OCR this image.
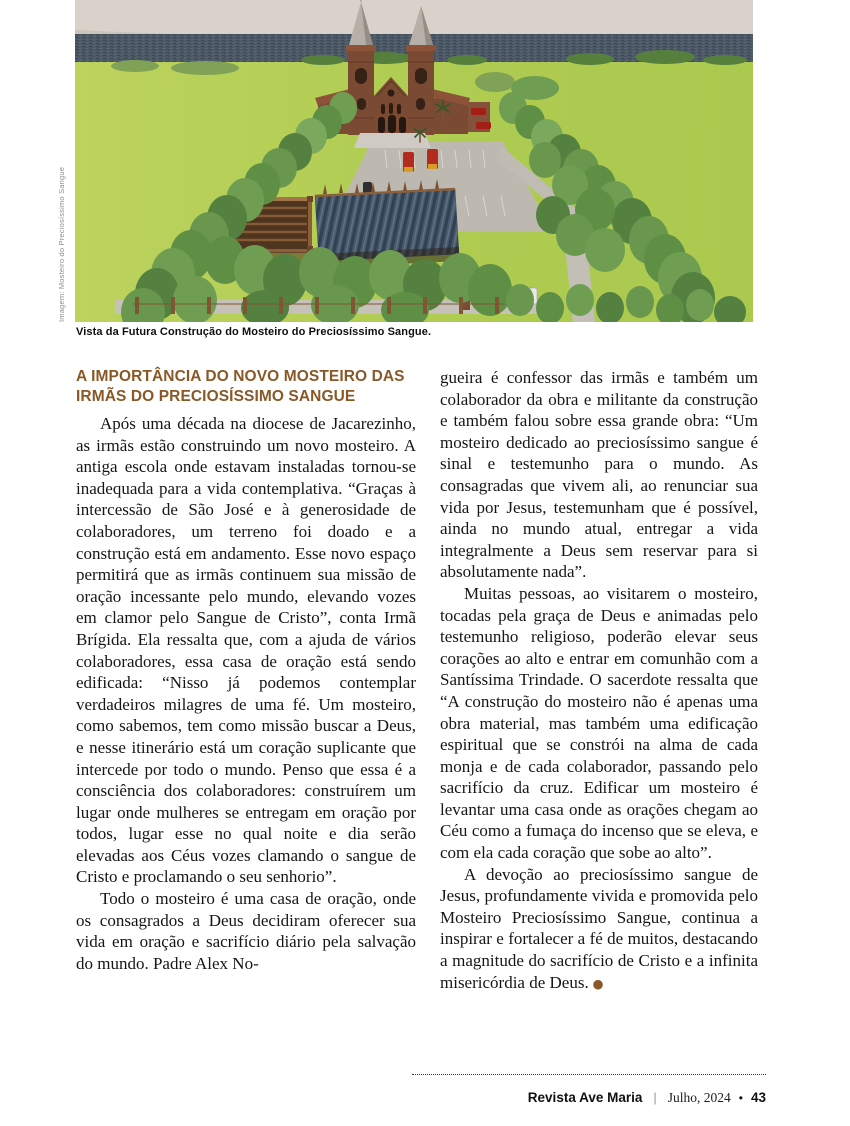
Imagem: Mosteiro do Preciosíssimo Sangue
Vista da Futura Construção do Mosteiro do Preciosíssimo Sangue.
A IMPORTÂNCIA DO NOVO MOSTEIRO DAS IRMÃS DO PRECIOSÍSSIMO SANGUE

Após uma década na diocese de Jacarezinho, as irmãs estão construindo um novo mosteiro. A antiga escola onde estavam instaladas tornou-se inadequada para a vida contemplativa. “Graças à intercessão de São José e à generosidade de colaboradores, um terreno foi doado e a construção está em andamento. Esse novo espaço permitirá que as irmãs continuem sua missão de oração incessante pelo mundo, elevando vozes em clamor pelo Sangue de Cristo”, conta Irmã Brígida. Ela ressalta que, com a ajuda de vários colaboradores, essa casa de oração está sendo edificada: “Nisso já podemos contemplar verdadeiros milagres de uma fé. Um mosteiro, como sabemos, tem como missão buscar a Deus, e nesse itinerário está um coração suplicante que intercede por todo o mundo. Penso que essa é a consciência dos colaboradores: construírem um lugar onde mulheres se entregam em oração por todos, lugar esse no qual noite e dia serão elevadas aos Céus vozes clamando o sangue de Cristo e proclamando o seu senhorio”.

Todo o mosteiro é uma casa de oração, onde os consagrados a Deus decidiram oferecer sua vida em oração e sacrifício diário pela salvação do mundo. Padre Alex No-

gueira é confessor das irmãs e também um colaborador da obra e militante da construção e também falou sobre essa grande obra: “Um mosteiro dedicado ao preciosíssimo sangue é sinal e testemunho para o mundo. As consagradas que vivem ali, ao renunciar sua vida por Jesus, testemunham que é possível, ainda no mundo atual, entregar a vida integralmente a Deus sem reservar para si absolutamente nada”.

Muitas pessoas, ao visitarem o mosteiro, tocadas pela graça de Deus e animadas pelo testemunho religioso, poderão elevar seus corações ao alto e entrar em comunhão com a Santíssima Trindade. O sacerdote ressalta que “A construção do mosteiro não é apenas uma obra material, mas também uma edificação espiritual que se constrói na alma de cada monja e de cada colaborador, passando pelo sacrifício da cruz. Edificar um mosteiro é levantar uma casa onde as orações chegam ao Céu como a fumaça do incenso que se eleva, e com ela cada coração que sobe ao alto”.

A devoção ao preciosíssimo sangue de Jesus, profundamente vivida e promovida pelo Mosteiro Preciosíssimo Sangue, continua a inspirar e fortalecer a fé de muitos, destacando a magnitude do sacrifício de Cristo e a infinita misericórdia de Deus. ●

Revista Ave Maria | Julho, 2024 • 43
